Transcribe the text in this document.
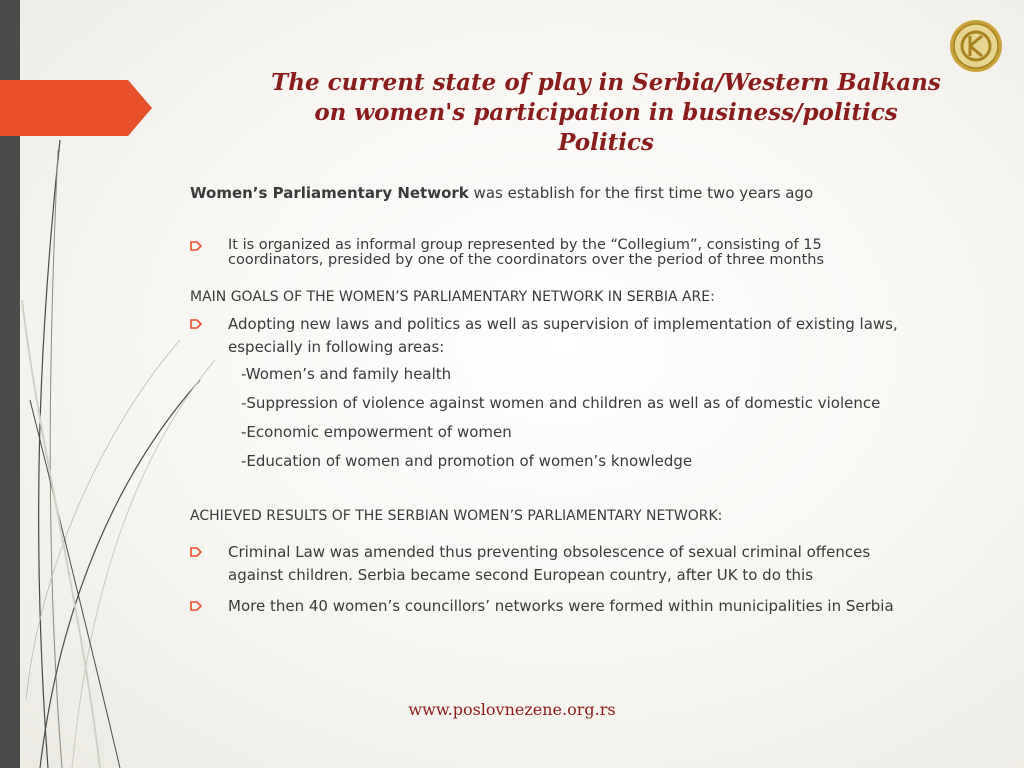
The current state of play in Serbia/Western Balkans
on women's participation in business/politics
Politics
Women’s Parliamentary Network was establish for the first time two years ago
It is organized as informal group represented by the “Collegium”, consisting of 15
coordinators, presided by one of the coordinators over the period of three months
MAIN GOALS OF THE WOMEN’S PARLIAMENTARY NETWORK IN SERBIA ARE:
Adopting new laws and politics as well as supervision of implementation of existing laws,
especially in following areas:
-Women’s and family health
-Suppression of violence against women and children as well as of domestic violence
-Economic empowerment of women
-Education of women and promotion of women’s knowledge
ACHIEVED RESULTS OF THE SERBIAN WOMEN’S PARLIAMENTARY NETWORK:
Criminal Law was amended thus preventing obsolescence of sexual criminal offences
against children. Serbia became second European country, after UK to do this
More then 40 women’s councillors’ networks were formed within municipalities in Serbia
www.poslovnezene.org.rs
